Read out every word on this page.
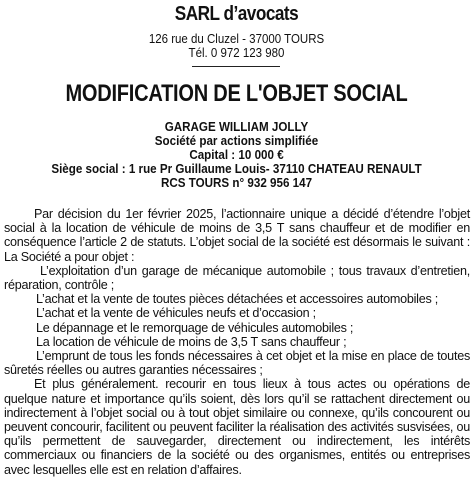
SARL d’avocats
126 rue du Cluzel - 37000 TOURS
Tél. 0 972 123 980
MODIFICATION DE L'OBJET SOCIAL
GARAGE WILLIAM JOLLY
Société par actions simplifiée
Capital : 10 000 €
Siège social : 1 rue Pr Guillaume Louis- 37110 CHATEAU RENAULT
RCS TOURS n° 932 956 147

Par décision du 1er février 2025, l’actionnaire unique a décidé d’étendre l’objet social à la location de véhicule de moins de 3,5 T sans chauffeur et de modifier en conséquence l’article 2 de statuts. L’objet social de la société est désormais le suivant : La Société a pour objet :

L’exploitation d’un garage de mécanique automobile ; tous travaux d’entretien, réparation, contrôle ;

L’achat et la vente de toutes pièces détachées et accessoires automobiles ;

L’achat et la vente de véhicules neufs et d’occasion ;

Le dépannage et le remorquage de véhicules automobiles ;

La location de véhicule de moins de 3,5 T sans chauffeur ;

L’emprunt de tous les fonds nécessaires à cet objet et la mise en place de toutes sûretés réelles ou autres garanties nécessaires ;

Et plus généralement. recourir en tous lieux à tous actes ou opérations de quelque nature et importance qu’ils soient, dès lors qu’il se rattachent directement ou indirectement à l’objet social ou à tout objet similaire ou connexe, qu’ils concourent ou peuvent concourir, facilitent ou peuvent faciliter la réalisation des activités susvisées, ou qu’ils permettent de sauvegarder, directement ou indirectement, les intérêts commerciaux ou financiers de la société ou des organismes, entités ou entreprises avec lesquelles elle est en relation d’affaires.
